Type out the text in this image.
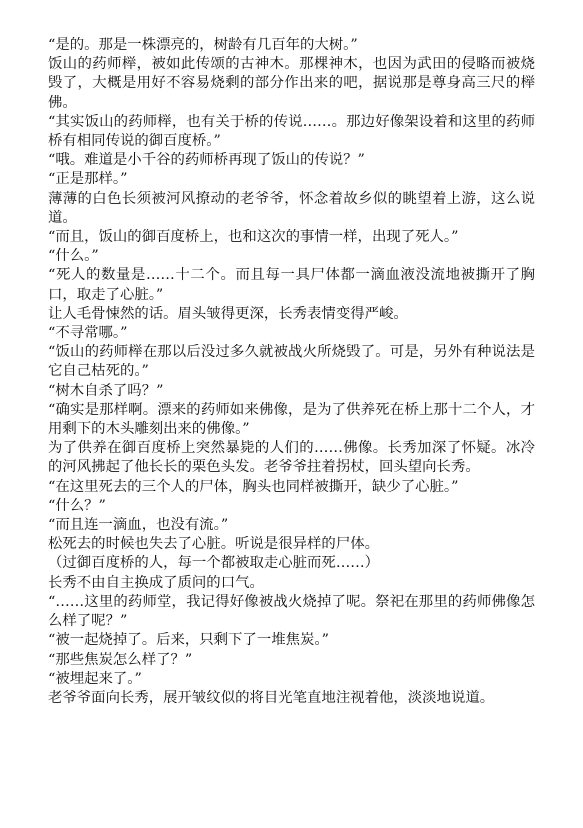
“是的。那是一株漂亮的，树龄有几百年的大树。”

饭山的药师榉，被如此传颂的古神木。那棵神木，也因为武田的侵略而被烧毁了，大概是用好不容易烧剩的部分作出来的吧，据说那是尊身高三尺的榉佛。

“其实饭山的药师榉，也有关于桥的传说……。那边好像架设着和这里的药师桥有相同传说的御百度桥。”

“哦。难道是小千谷的药师桥再现了饭山的传说？”

“正是那样。”

薄薄的白色长须被河风撩动的老爷爷，怀念着故乡似的眺望着上游，这么说道。

“而且，饭山的御百度桥上，也和这次的事情一样，出现了死人。”

“什么。”

“死人的数量是……十二个。而且每一具尸体都一滴血液没流地被撕开了胸口，取走了心脏。”

让人毛骨悚然的话。眉头皱得更深，长秀表情变得严峻。

“不寻常哪。”

“饭山的药师榉在那以后没过多久就被战火所烧毁了。可是，另外有种说法是它自己枯死的。”

“树木自杀了吗？”

“确实是那样啊。漂来的药师如来佛像，是为了供养死在桥上那十二个人，才用剩下的木头雕刻出来的佛像。”

为了供养在御百度桥上突然暴毙的人们的……佛像。长秀加深了怀疑。冰冷的河风拂起了他长长的栗色头发。老爷爷拄着拐杖，回头望向长秀。

“在这里死去的三个人的尸体，胸头也同样被撕开，缺少了心脏。”

“什么？”

“而且连一滴血，也没有流。”

松死去的时候也失去了心脏。听说是很异样的尸体。

（过御百度桥的人，每一个都被取走心脏而死……）

长秀不由自主换成了质问的口气。

“……这里的药师堂，我记得好像被战火烧掉了呢。祭祀在那里的药师佛像怎么样了呢？”

“被一起烧掉了。后来，只剩下了一堆焦炭。”

“那些焦炭怎么样了？”

“被埋起来了。”

老爷爷面向长秀，展开皱纹似的将目光笔直地注视着他，淡淡地说道。
